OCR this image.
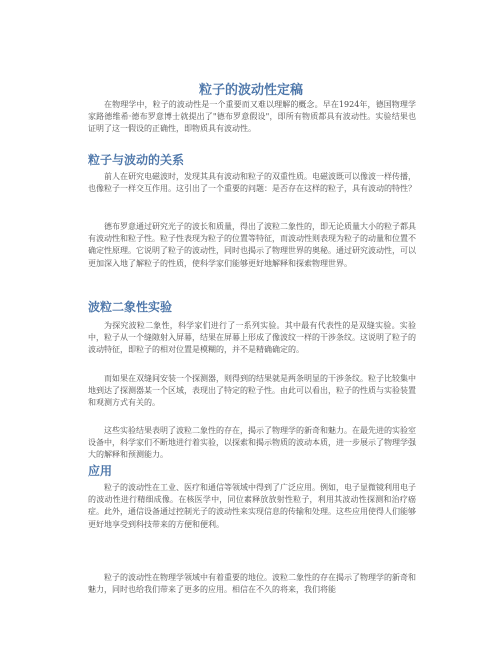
粒子的波动性定稿

在物理学中，粒子的波动性是一个重要而又难以理解的概念。早在1924年，德国物理学家路德维希·德布罗意博士就提出了"德布罗意假设"，即所有物质都具有波动性。实验结果也证明了这一假设的正确性，即物质具有波动性。

粒子与波动的关系

前人在研究电磁波时，发现其具有波动和粒子的双重性质。电磁波既可以像波一样传播，也像粒子一样交互作用。这引出了一个重要的问题：是否存在这样的粒子，具有波动的特性？

德布罗意通过研究光子的波长和质量，得出了波粒二象性的，即无论质量大小的粒子都具有波动性和粒子性。粒子性表现为粒子的位置等特征，而波动性则表现为粒子的动量和位置不确定性原理。它说明了粒子的波动性，同时也揭示了物理世界的奥秘。通过研究波动性，可以更加深入地了解粒子的性质，使科学家们能够更好地解释和探索物理世界。

波粒二象性实验

为探究波粒二象性，科学家们进行了一系列实验。其中最有代表性的是双缝实验。实验中，粒子从一个缝隙射入屏幕，结果在屏幕上形成了像波纹一样的干涉条纹。这说明了粒子的波动特征，即粒子的相对位置是模糊的，并不是精确确定的。

而如果在双缝间安装一个探测器，则得到的结果就是两条明显的干涉条纹。粒子比较集中地到达了探测器某一个区域，表现出了特定的粒子性。由此可以看出，粒子的性质与实验装置和观测方式有关的。

这些实验结果表明了波粒二象性的存在，揭示了物理学的新奇和魅力。在最先进的实验室设备中，科学家们不断地进行着实验，以探索和揭示物质的波动本质，进一步展示了物理学强大的解释和预测能力。

应用

粒子的波动性在工业、医疗和通信等领域中得到了广泛应用。例如，电子显微镜利用电子的波动性进行精细成像。在核医学中，同位素释放放射性粒子，利用其波动性探测和治疗癌症。此外，通信设备通过控制光子的波动性来实现信息的传输和处理。这些应用使得人们能够更好地享受到科技带来的方便和便利。

粒子的波动性在物理学领域中有着重要的地位。波粒二象性的存在揭示了物理学的新奇和魅力，同时也给我们带来了更多的应用。相信在不久的将来，我们将能
